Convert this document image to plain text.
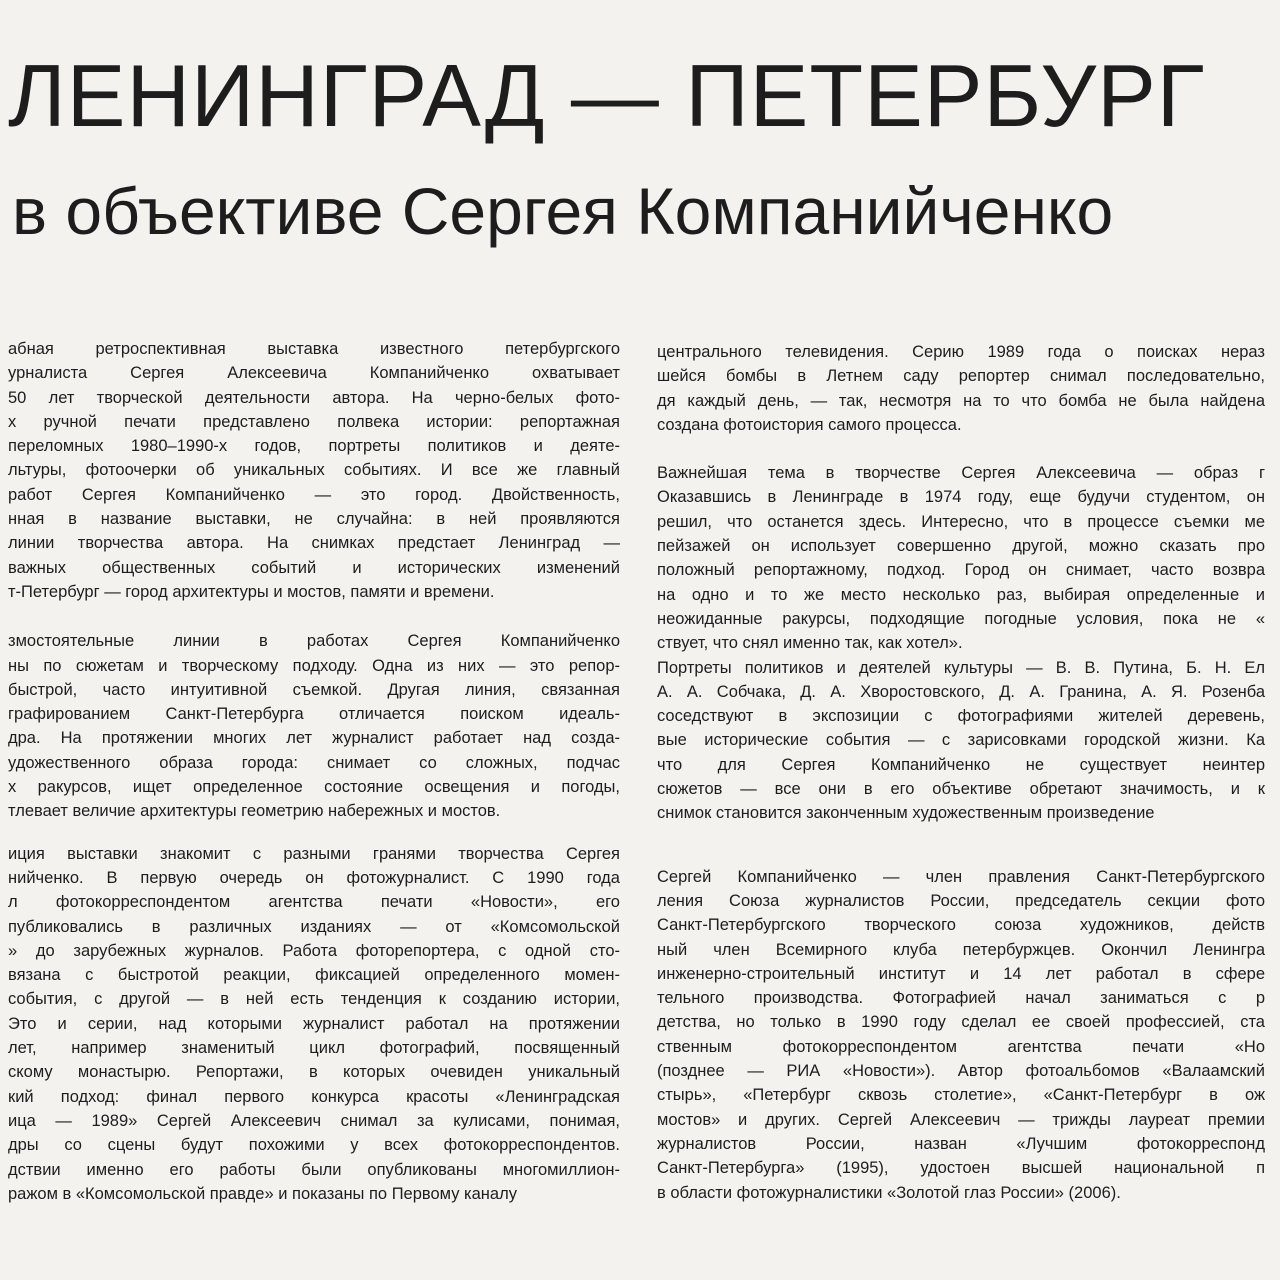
ЛЕНИНГРАД — ПЕТЕРБУРГ
в объективе Сергея Компанийченко
абная ретроспективная выставка известного петербургского
урналиста Сергея Алексеевича Компанийченко охватывает
50 лет творческой деятельности автора. На черно-белых фото-
х ручной печати представлено полвека истории: репортажная
переломных 1980–1990-х годов, портреты политиков и деяте-
льтуры, фотоочерки об уникальных событиях. И все же главный
работ Сергея Компанийченко — это город. Двойственность,
нная в название выставки, не случайна: в ней проявляются
линии творчества автора. На снимках предстает Ленинград —
важных общественных событий и исторических изменений
т-Петербург — город архитектуры и мостов, памяти и времени.
змостоятельные линии в работах Сергея Компанийченко
ны по сюжетам и творческому подходу. Одна из них — это репор-
быстрой, часто интуитивной съемкой. Другая линия, связанная
графированием Санкт-Петербурга отличается поиском идеаль-
дра. На протяжении многих лет журналист работает над созда-
удожественного образа города: снимает со сложных, подчас
х ракурсов, ищет определенное состояние освещения и погоды,
тлевает величие архитектуры геометрию набережных и мостов.
иция выставки знакомит с разными гранями творчества Сергея
нийченко. В первую очередь он фотожурналист. С 1990 года
л фотокорреспондентом агентства печати «Новости», его
публиковались в различных изданиях — от «Комсомольской
» до зарубежных журналов. Работа фоторепортера, с одной сто-
вязана с быстротой реакции, фиксацией определенного момен-
события, с другой — в ней есть тенденция к созданию истории,
Это и серии, над которыми журналист работал на протяжении
лет, например знаменитый цикл фотографий, посвященный
скому монастырю. Репортажи, в которых очевиден уникальный
кий подход: финал первого конкурса красоты «Ленинградская
ица — 1989» Сергей Алексеевич снимал за кулисами, понимая,
дры со сцены будут похожими у всех фотокорреспондентов.
дствии именно его работы были опубликованы многомиллион-
ражом в «Комсомольской правде» и показаны по Первому каналу
центрального телевидения. Серию 1989 года о поисках нераз
шейся бомбы в Летнем саду репортер снимал последовательно,
дя каждый день, — так, несмотря на то что бомба не была найдена
создана фотоистория самого процесса.
Важнейшая тема в творчестве Сергея Алексеевича — образ г
Оказавшись в Ленинграде в 1974 году, еще будучи студентом, он
решил, что останется здесь. Интересно, что в процессе съемки ме
пейзажей он использует совершенно другой, можно сказать про
положный репортажному, подход. Город он снимает, часто возвра
на одно и то же место несколько раз, выбирая определенные и
неожиданные ракурсы, подходящие погодные условия, пока не «
ствует, что снял именно так, как хотел».
Портреты политиков и деятелей культуры — В. В. Путина, Б. Н. Ел
А. А. Собчака, Д. А. Хворостовского, Д. А. Гранина, А. Я. Розенба
соседствуют в экспозиции с фотографиями жителей деревень,
вые исторические события — с зарисовками городской жизни. Ка
что для Сергея Компанийченко не существует неинтер
сюжетов — все они в его объективе обретают значимость, и к
снимок становится законченным художественным произведение
Сергей Компанийченко — член правления Санкт-Петербургского
ления Союза журналистов России, председатель секции фото
Санкт-Петербургского творческого союза художников, действ
ный член Всемирного клуба петербуржцев. Окончил Ленингра
инженерно-строительный институт и 14 лет работал в сфере
тельного производства. Фотографией начал заниматься с р
детства, но только в 1990 году сделал ее своей профессией, ста
ственным фотокорреспондентом агентства печати «Но
(позднее — РИА «Новости»). Автор фотоальбомов «Валаамский
стырь», «Петербург сквозь столетие», «Санкт-Петербург в ож
мостов» и других. Сергей Алексеевич — трижды лауреат премии
журналистов России, назван «Лучшим фотокорреспонд
Санкт-Петербурга» (1995), удостоен высшей национальной п
в области фотожурналистики «Золотой глаз России» (2006).
